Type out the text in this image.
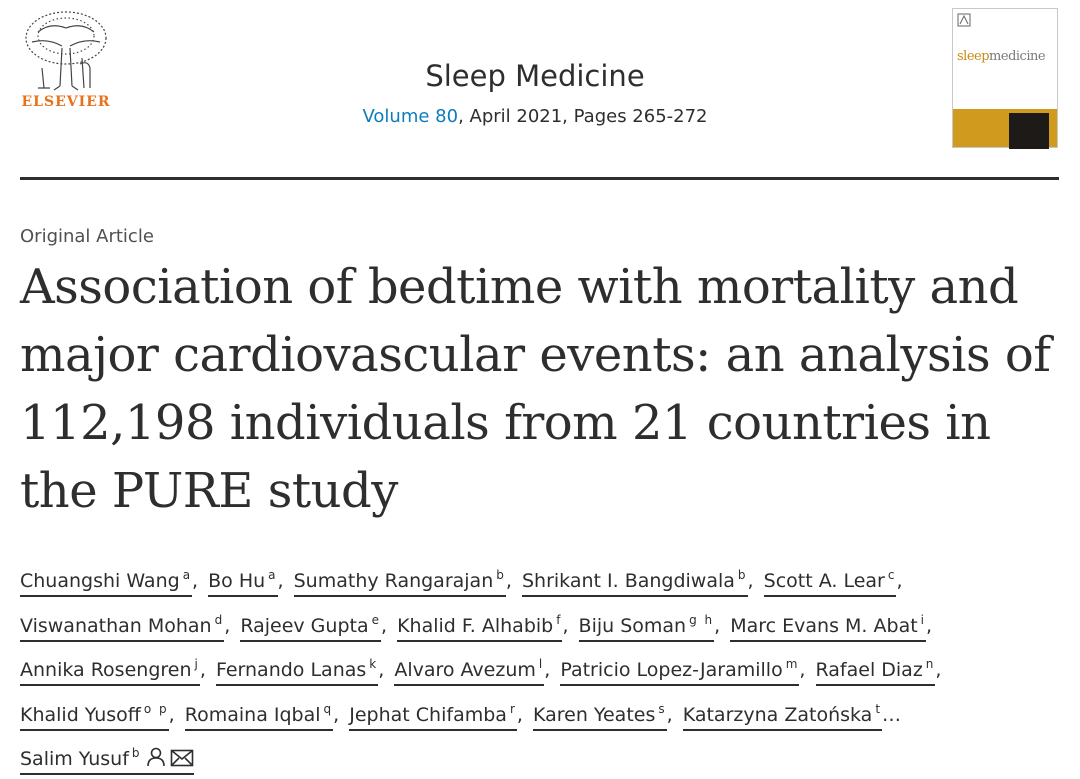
ELSEVIER
Sleep Medicine
Volume 80, April 2021, Pages 265-272
sleepmedicine
Original Article
Association of bedtime with mortality and major cardiovascular events: an analysis of 112,198 individuals from 21 countries in the PURE study
Chuangshi Wang $^a$, Bo Hu $^a$, Sumathy Rangarajan $^b$, Shrikant I. Bangdiwala $^b$, Scott A. Lear $^c$,
Viswanathan Mohan $^d$, Rajeev Gupta $^e$, Khalid F. Alhabib $^f$, Biju Soman $^{g h}$, Marc Evans M. Abat $^i$,
Annika Rosengren $^j$, Fernando Lanas $^k$, Alvaro Avezum $^l$, Patricio Lopez-Jaramillo $^m$, Rafael Diaz $^n$,
Khalid Yusoff $^{o p}$, Romaina Iqbal $^q$, Jephat Chifamba $^r$, Karen Yeates $^s$, Katarzyna Zatońska $^t$…
Salim Yusuf $^b$
